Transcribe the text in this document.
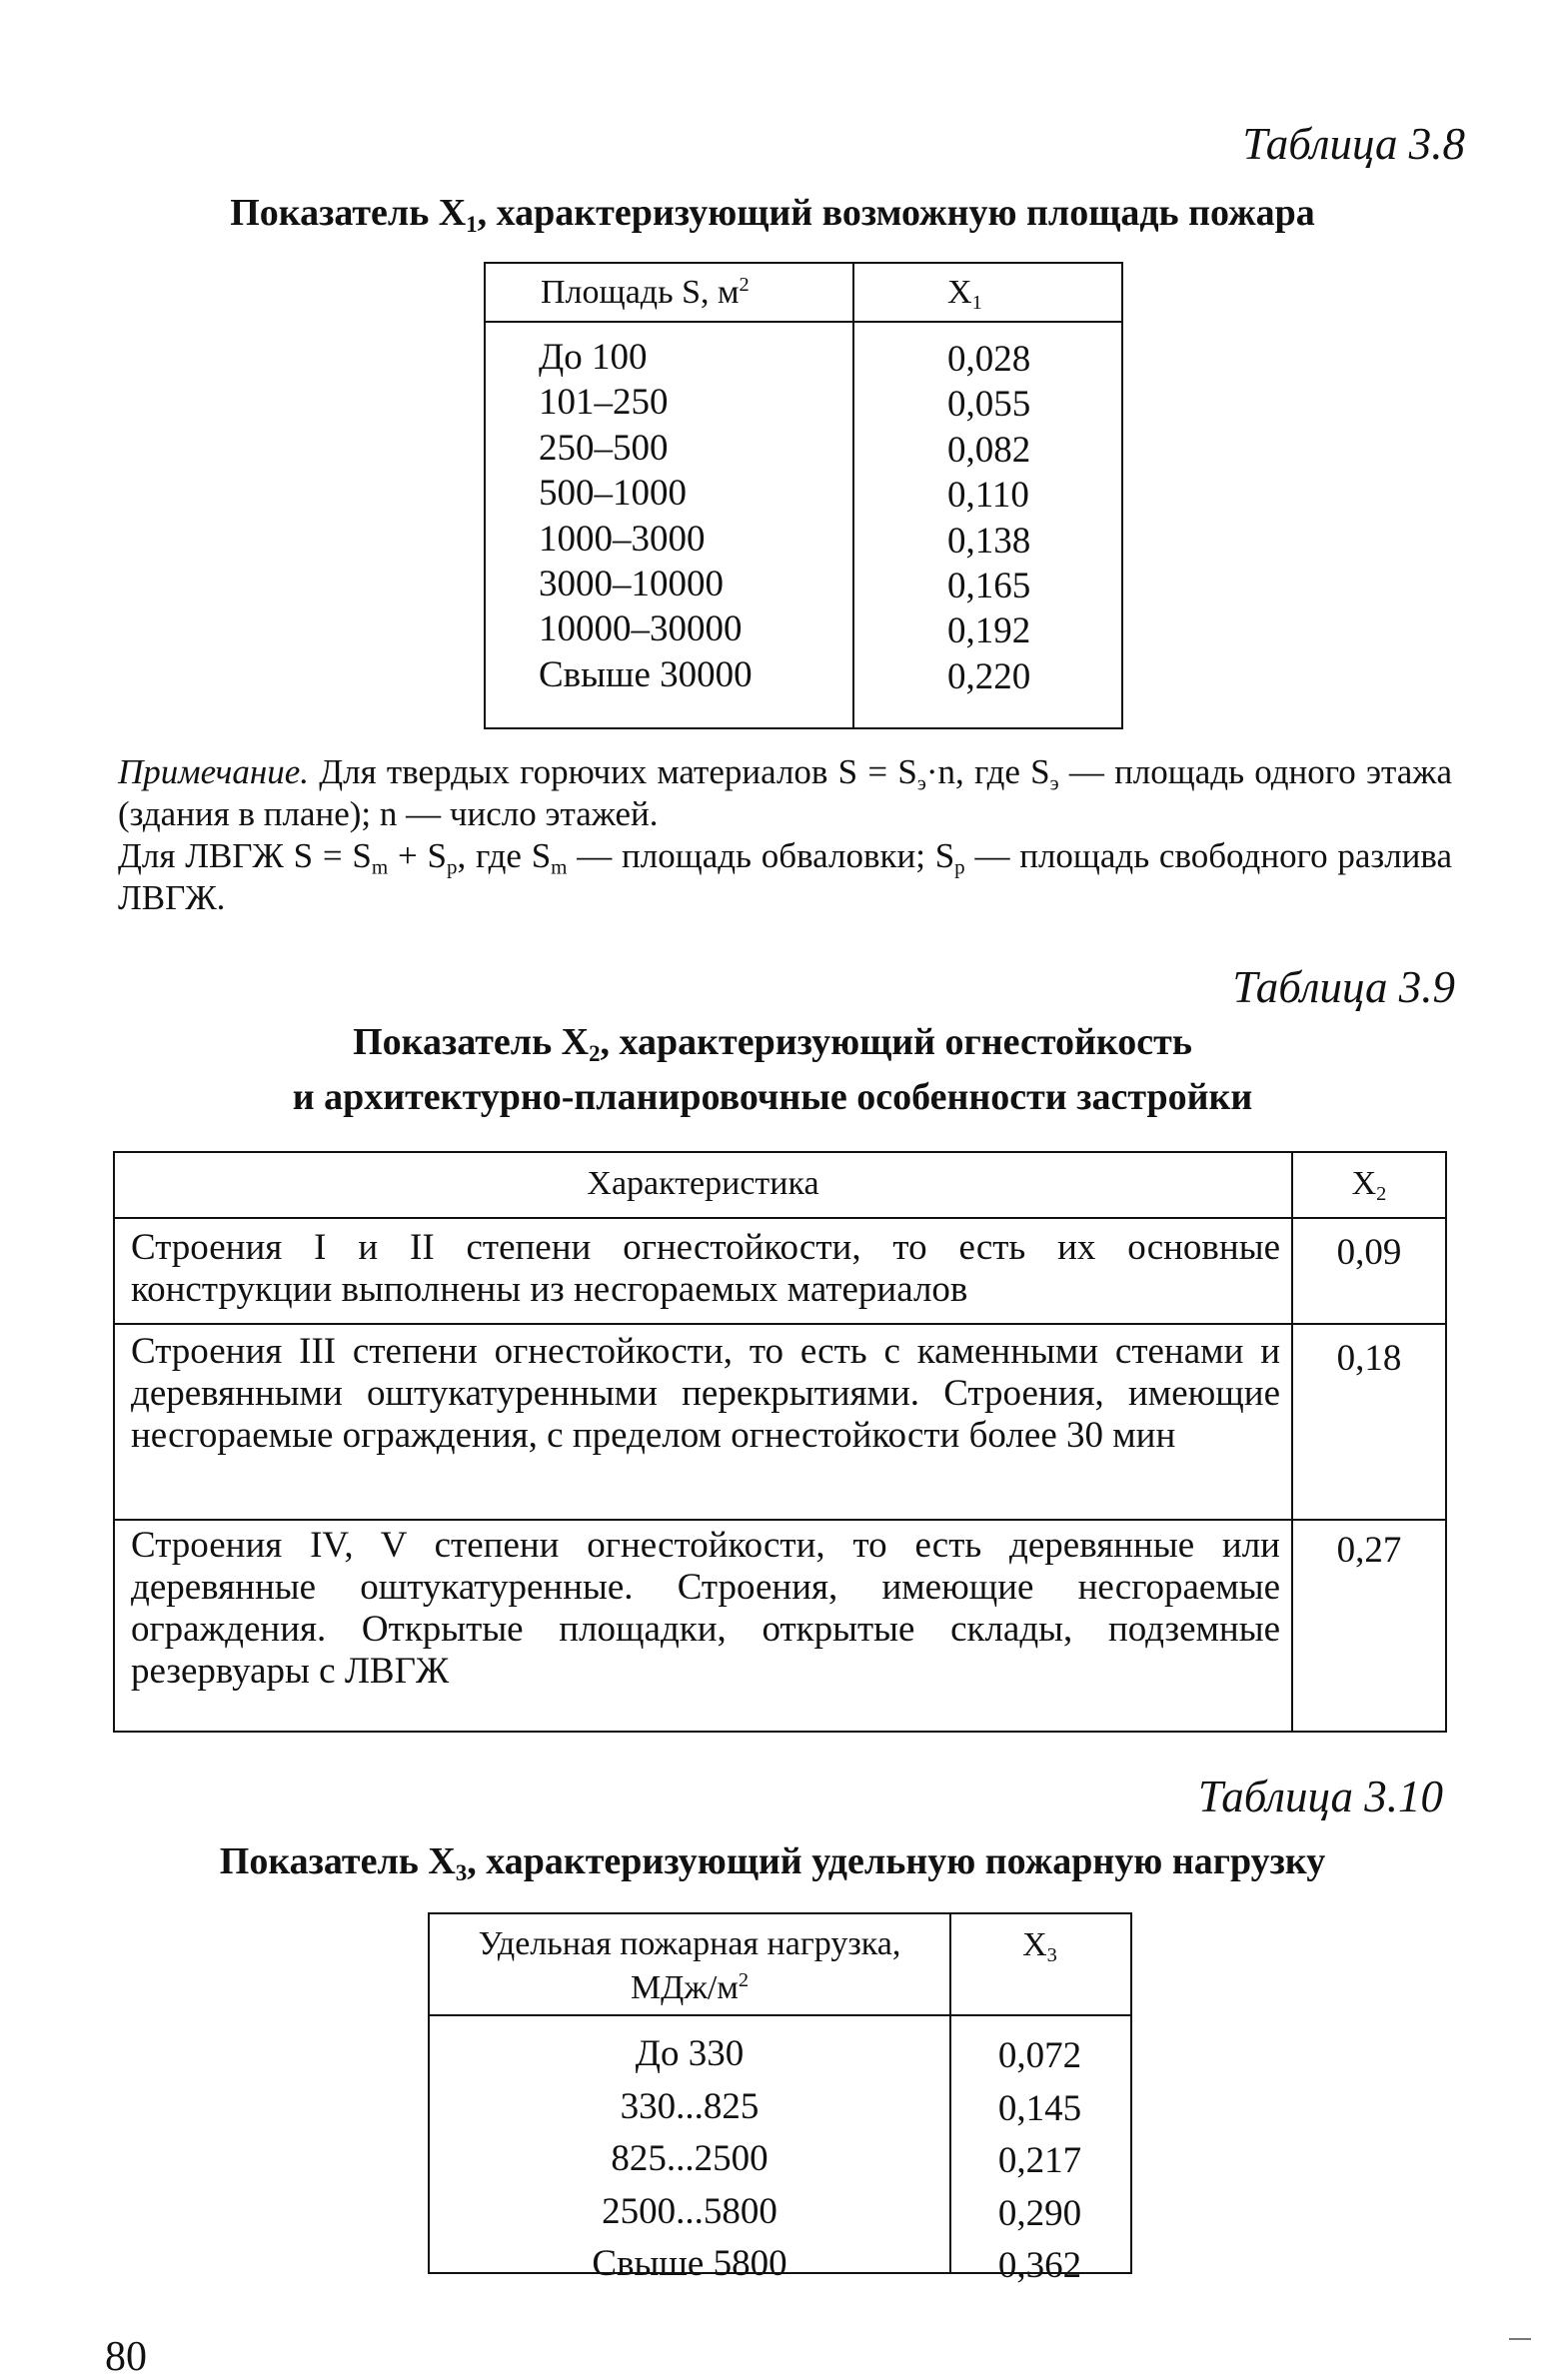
Таблица 3.8
Показатель $X_1$, характеризующий возможную площадь пожара
Площадь S, $м^2$	$X_1$
До 100
101–250
250–500
500–1000
1000–3000
3000–10000
10000–30000
Свыше 30000
0,028
0,055
0,082
0,110
0,138
0,165
0,192
0,220
Примечание. Для твердых горючих материалов $S = S_э\cdot n$, где $S_э$ — площадь одного этажа (здания в плане); n — число этажей.
Для ЛВГЖ $S = S_m + S_p$, где $S_m$ — площадь обваловки; $S_p$ — площадь свободного разлива ЛВГЖ.
Таблица 3.9
Показатель $X_2$, характеризующий огнестойкость
и архитектурно-планировочные особенности застройки
Характеристика	$X_2$
Строения I и II степени огнестойкости, то есть их основные конструкции выполнены из несгораемых материалов
0,09
Строения III степени огнестойкости, то есть с каменными стенами и деревянными оштукатуренными перекрытиями. Строения, имеющие несгораемые ограждения, с пределом огнестойкости более 30 мин
0,18
Строения IV, V степени огнестойкости, то есть деревянные или деревянные оштукатуренные. Строения, имеющие несгораемые ограждения. Открытые площадки, открытые склады, подземные резервуары с ЛВГЖ
0,27
Таблица 3.10
Показатель $X_3$, характеризующий удельную пожарную нагрузку
Удельная пожарная нагрузка,
МДж/$м^2$
$X_3$
До 330
330...825
825...2500
2500...5800
Свыше 5800
0,072
0,145
0,217
0,290
0,362
80
